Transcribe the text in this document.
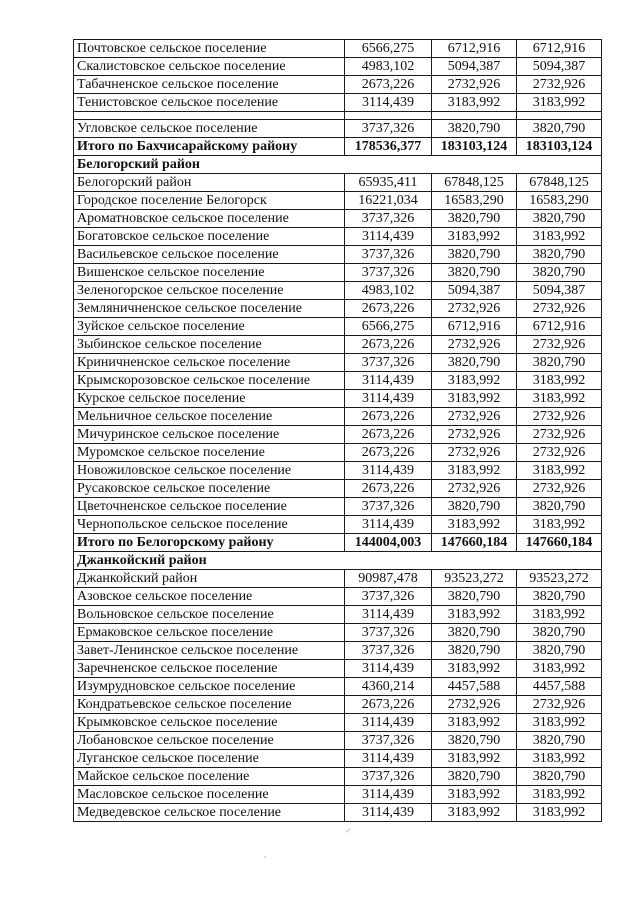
Почтовское сельское поселение	6566,275	6712,916	6712,916
Скалистовское сельское поселение	4983,102	5094,387	5094,387
Табачненское сельское поселение	2673,226	2732,926	2732,926
Тенистовское сельское поселение	3114,439	3183,992	3183,992

Угловское сельское поселение	3737,326	3820,790	3820,790
Итого по Бахчисарайскому району	178536,377	183103,124	183103,124
Белогорский район			
Белогорский район	65935,411	67848,125	67848,125
Городское поселение Белогорск	16221,034	16583,290	16583,290
Ароматновское сельское поселение	3737,326	3820,790	3820,790
Богатовское сельское поселение	3114,439	3183,992	3183,992
Васильевское сельское поселение	3737,326	3820,790	3820,790
Вишенское сельское поселение	3737,326	3820,790	3820,790
Зеленогорское сельское поселение	4983,102	5094,387	5094,387
Земляничненское сельское поселение	2673,226	2732,926	2732,926
Зуйское сельское поселение	6566,275	6712,916	6712,916
Зыбинское сельское поселение	2673,226	2732,926	2732,926
Криничненское сельское поселение	3737,326	3820,790	3820,790
Крымскорозовское сельское поселение	3114,439	3183,992	3183,992
Курское сельское поселение	3114,439	3183,992	3183,992
Мельничное сельское поселение	2673,226	2732,926	2732,926
Мичуринское сельское поселение	2673,226	2732,926	2732,926
Муромское сельское поселение	2673,226	2732,926	2732,926
Новожиловское сельское поселение	3114,439	3183,992	3183,992
Русаковское сельское поселение	2673,226	2732,926	2732,926
Цветочненское сельское поселение	3737,326	3820,790	3820,790
Чернопольское сельское поселение	3114,439	3183,992	3183,992
Итого по Белогорскому району	144004,003	147660,184	147660,184
Джанкойский район			
Джанкойский район	90987,478	93523,272	93523,272
Азовское сельское поселение	3737,326	3820,790	3820,790
Вольновское сельское поселение	3114,439	3183,992	3183,992
Ермаковское сельское поселение	3737,326	3820,790	3820,790
Завет-Ленинское сельское поселение	3737,326	3820,790	3820,790
Заречненское сельское поселение	3114,439	3183,992	3183,992
Изумрудновское сельское поселение	4360,214	4457,588	4457,588
Кондратьевское сельское поселение	2673,226	2732,926	2732,926
Крымковское сельское поселение	3114,439	3183,992	3183,992
Лобановское сельское поселение	3737,326	3820,790	3820,790
Луганское сельское поселение	3114,439	3183,992	3183,992
Майское сельское поселение	3737,326	3820,790	3820,790
Масловское сельское поселение	3114,439	3183,992	3183,992
Медведевское сельское поселение	3114,439	3183,992	3183,992
